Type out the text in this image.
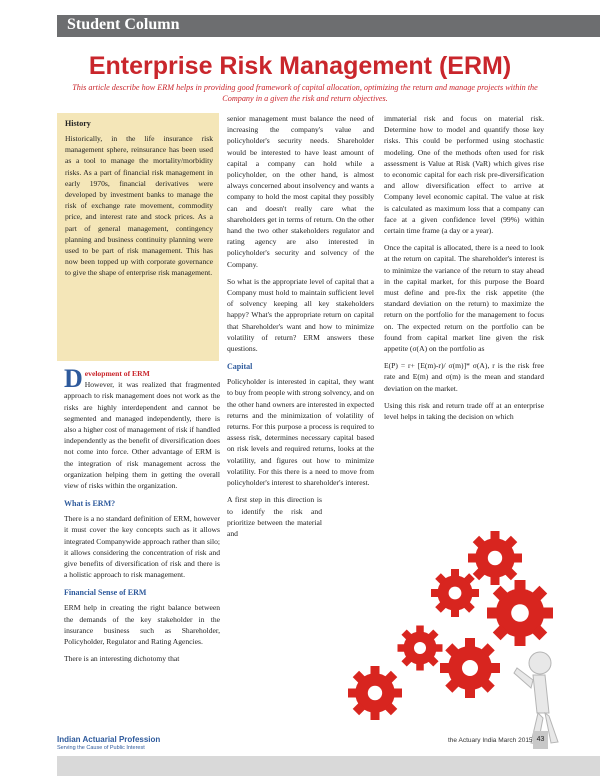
Student Column
Enterprise Risk Management (ERM)

This article describe how ERM helps in providing good framework of capital allocation, optimizing the return and manage projects within the Company in a given the risk and return objectives.

History

Historically, in the life insurance risk management sphere, reinsurance has been used as a tool to manage the mortality/morbidity risks. As a part of financial risk management in early 1970s, financial derivatives were developed by investment banks to manage the risk of exchange rate movement, commodity price, and interest rate and stock prices. As a part of general management, contingency planning and business continuity planning were used to be part of risk management. This has now been topped up with corporate governance to give the shape of enterprise risk management.

D evelopment of ERM
However, it was realized that fragmented approach to risk management does not work as the risks are highly interdependent and cannot be segmented and managed independently, there is also a higher cost of management of risk if handled independently as the benefit of diversification does not come into force. Other advantage of ERM is the integration of risk management across the organization helping them in getting the overall view of risks within the organization.
What is ERM?

There is a no standard definition of ERM, however it must cover the key concepts such as it allows integrated Companywide approach rather than silo; it allows considering the concentration of risk and give benefits of diversification of risk and there is a holistic approach to risk management.

Financial Sense of ERM

ERM help in creating the right balance between the demands of the key stakeholder in the insurance business such as Shareholder, Policyholder, Regulator and Rating Agencies.

There is an interesting dichotomy that

senior management must balance the need of increasing the company's value and policyholder's security needs. Shareholder would be interested to have least amount of capital a company can hold while a policyholder, on the other hand, is almost always concerned about insolvency and wants a company to hold the most capital they possibly can and doesn't really care what the shareholders get in terms of return. On the other hand the two other stakeholders regulator and rating agency are also interested in policyholder's security and solvency of the Company.

So what is the appropriate level of capital that a Company must hold to maintain sufficient level of solvency keeping all key stakeholders happy? What's the appropriate return on capital that Shareholder's want and how to minimize volatility of return? ERM answers these questions.

Capital

Policyholder is interested in capital, they want to buy from people with strong solvency, and on the other hand owners are interested in expected returns and the minimization of volatility of returns. For this purpose a process is required to assess risk, determines necessary capital based on risk levels and required returns, looks at the volatility, and figures out how to minimize volatility. For this there is a need to move from policyholder's interest to shareholder's interest.

A first step in this direction is to identify the risk and prioritize between the material and

immaterial risk and focus on material risk. Determine how to model and quantify those key risks. This could be performed using stochastic modeling. One of the methods often used for risk assessment is Value at Risk (VaR) which gives rise to economic capital for each risk pre-diversification and allow diversification effect to arrive at Company level economic capital. The value at risk is calculated as maximum loss that a company can face at a given confidence level (99%) within certain time frame (a day or a year).

Once the capital is allocated, there is a need to look at the return on capital. The shareholder's interest is to minimize the variance of the return to stay ahead in the capital market, for this purpose the Board must define and pre-fix the risk appetite (the standard deviation on the return) to maximize the return on the portfolio for the management to focus on. The expected return on the portfolio can be found from capital market line given the risk appetite (σ(A) on the portfolio as

E(P) = r+ [E(m)-r)/ σ(m)]* σ(A), r is the risk free rate and E(m) and σ(m) is the mean and standard deviation on the market.

Using this risk and return trade off at an enterprise level helps in taking the decision on which

Indian Actuarial Profession
Serving the Cause of Public Interest
the Actuary India March 2015 43
